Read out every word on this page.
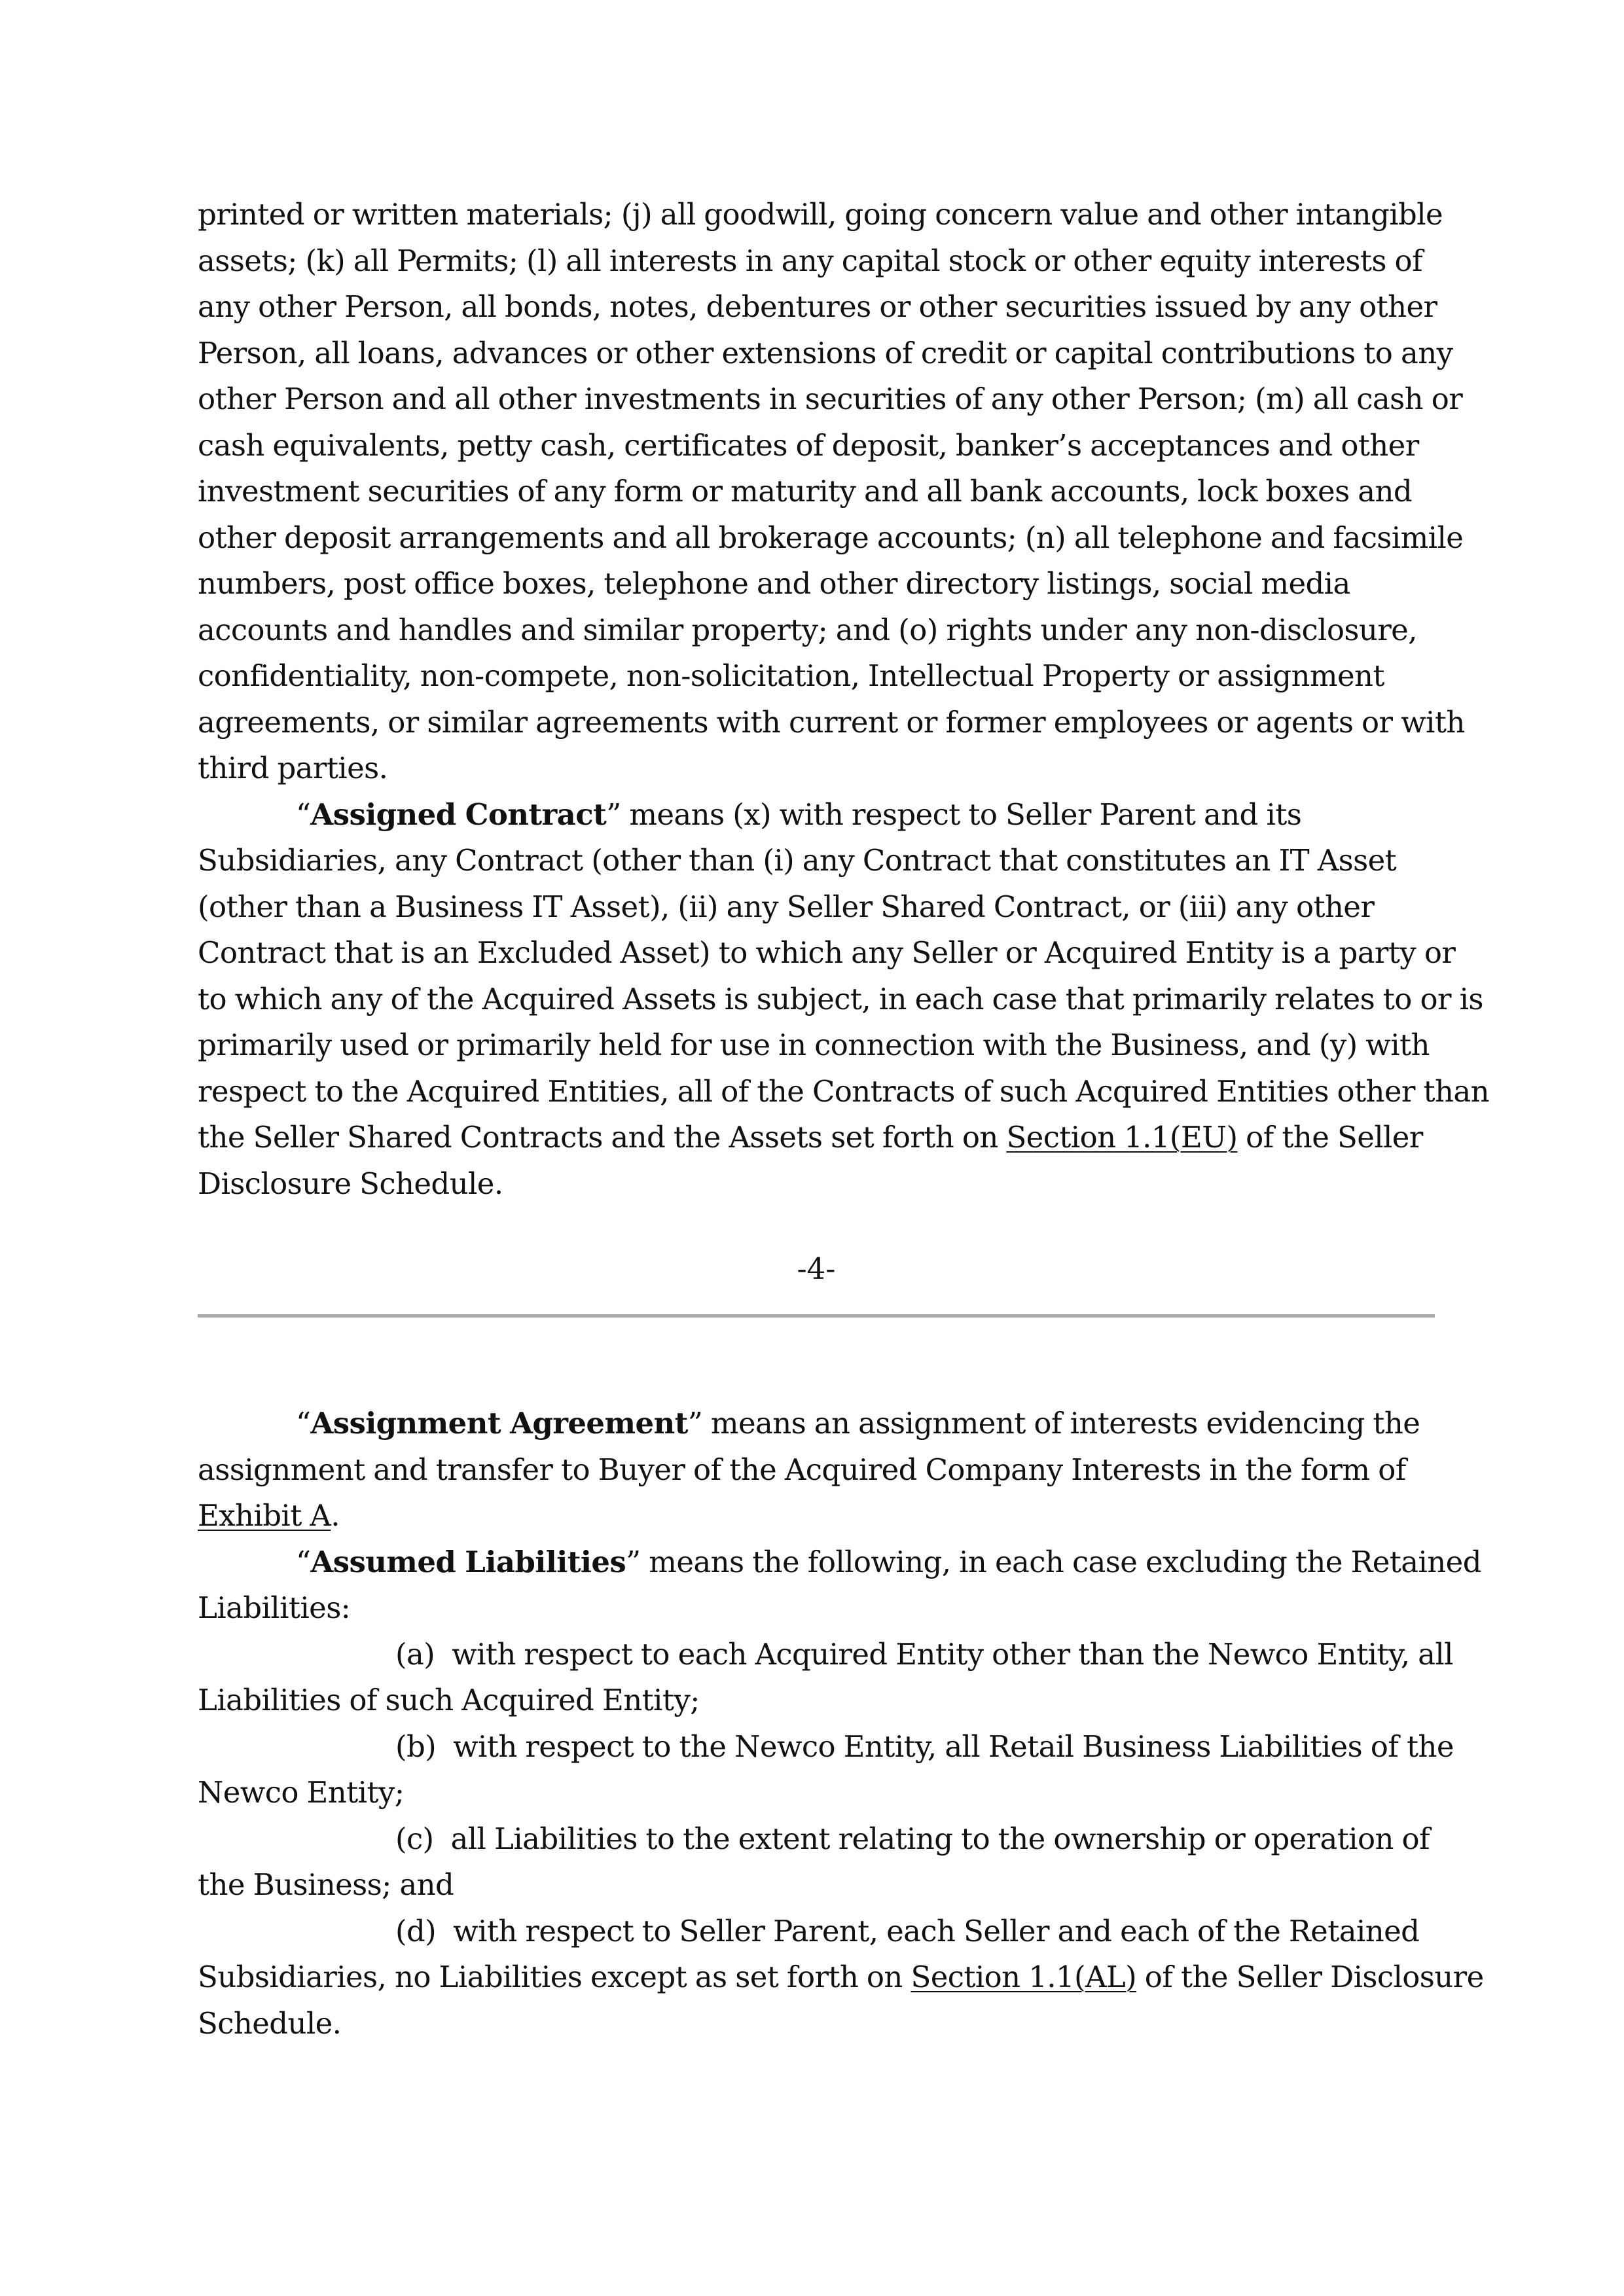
printed or written materials; (j) all goodwill, going concern value and other intangible

assets; (k) all Permits; (l) all interests in any capital stock or other equity interests of

any other Person, all bonds, notes, debentures or other securities issued by any other

Person, all loans, advances or other extensions of credit or capital contributions to any

other Person and all other investments in securities of any other Person; (m) all cash or

cash equivalents, petty cash, certificates of deposit, banker’s acceptances and other

investment securities of any form or maturity and all bank accounts, lock boxes and

other deposit arrangements and all brokerage accounts; (n) all telephone and facsimile

numbers, post office boxes, telephone and other directory listings, social media

accounts and handles and similar property; and (o) rights under any non-disclosure,

confidentiality, non-compete, non-solicitation, Intellectual Property or assignment

agreements, or similar agreements with current or former employees or agents or with

third parties.

“Assigned Contract” means (x) with respect to Seller Parent and its

Subsidiaries, any Contract (other than (i) any Contract that constitutes an IT Asset

(other than a Business IT Asset), (ii) any Seller Shared Contract, or (iii) any other

Contract that is an Excluded Asset) to which any Seller or Acquired Entity is a party or

to which any of the Acquired Assets is subject, in each case that primarily relates to or is

primarily used or primarily held for use in connection with the Business, and (y) with

respect to the Acquired Entities, all of the Contracts of such Acquired Entities other than

the Seller Shared Contracts and the Assets set forth on Section 1.1(EU) of the Seller

Disclosure Schedule.

-4-

“Assignment Agreement” means an assignment of interests evidencing the

assignment and transfer to Buyer of the Acquired Company Interests in the form of

Exhibit A.

“Assumed Liabilities” means the following, in each case excluding the Retained

Liabilities:

(a) with respect to each Acquired Entity other than the Newco Entity, all

Liabilities of such Acquired Entity;

(b) with respect to the Newco Entity, all Retail Business Liabilities of the

Newco Entity;

(c) all Liabilities to the extent relating to the ownership or operation of

the Business; and

(d) with respect to Seller Parent, each Seller and each of the Retained

Subsidiaries, no Liabilities except as set forth on Section 1.1(AL) of the Seller Disclosure

Schedule.
